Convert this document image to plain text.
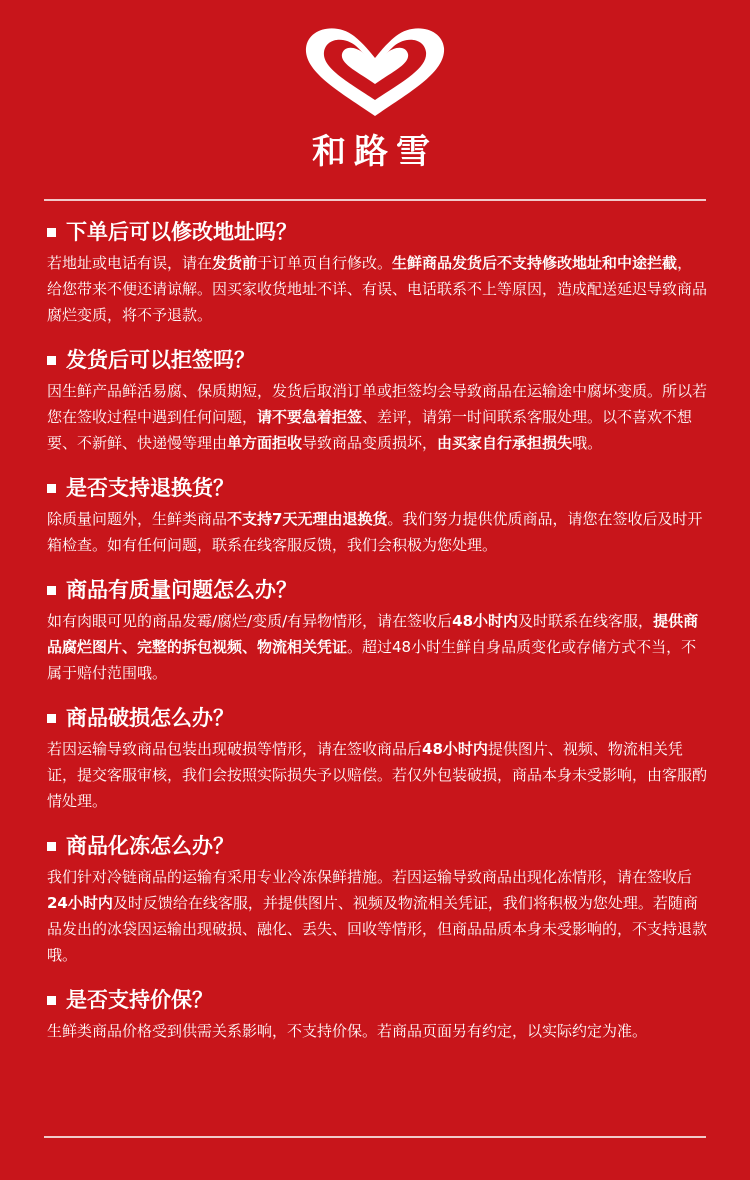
和路雪
下单后可以修改地址吗？

若地址或电话有误，请在发货前于订单页自行修改。生鲜商品发货后不支持修改地址和中途拦截，给您带来不便还请谅解。因买家收货地址不详、有误、电话联系不上等原因，造成配送延迟导致商品腐烂变质，将不予退款。

发货后可以拒签吗？

因生鲜产品鲜活易腐、保质期短，发货后取消订单或拒签均会导致商品在运输途中腐坏变质。所以若您在签收过程中遇到任何问题，请不要急着拒签、差评，请第一时间联系客服处理。以不喜欢不想要、不新鲜、快递慢等理由单方面拒收导致商品变质损坏，由买家自行承担损失哦。

是否支持退换货？

除质量问题外，生鲜类商品不支持7天无理由退换货。我们努力提供优质商品，请您在签收后及时开箱检查。如有任何问题，联系在线客服反馈，我们会积极为您处理。

商品有质量问题怎么办？

如有肉眼可见的商品发霉/腐烂/变质/有异物情形，请在签收后48小时内及时联系在线客服，提供商品腐烂图片、完整的拆包视频、物流相关凭证。超过48小时生鲜自身品质变化或存储方式不当，不属于赔付范围哦。

商品破损怎么办？

若因运输导致商品包装出现破损等情形，请在签收商品后48小时内提供图片、视频、物流相关凭证，提交客服审核，我们会按照实际损失予以赔偿。若仅外包装破损，商品本身未受影响，由客服酌情处理。

商品化冻怎么办？

我们针对冷链商品的运输有采用专业冷冻保鲜措施。若因运输导致商品出现化冻情形，请在签收后24小时内及时反馈给在线客服，并提供图片、视频及物流相关凭证，我们将积极为您处理。若随商品发出的冰袋因运输出现破损、融化、丢失、回收等情形，但商品品质本身未受影响的，不支持退款哦。

是否支持价保？

生鲜类商品价格受到供需关系影响，不支持价保。若商品页面另有约定，以实际约定为准。
